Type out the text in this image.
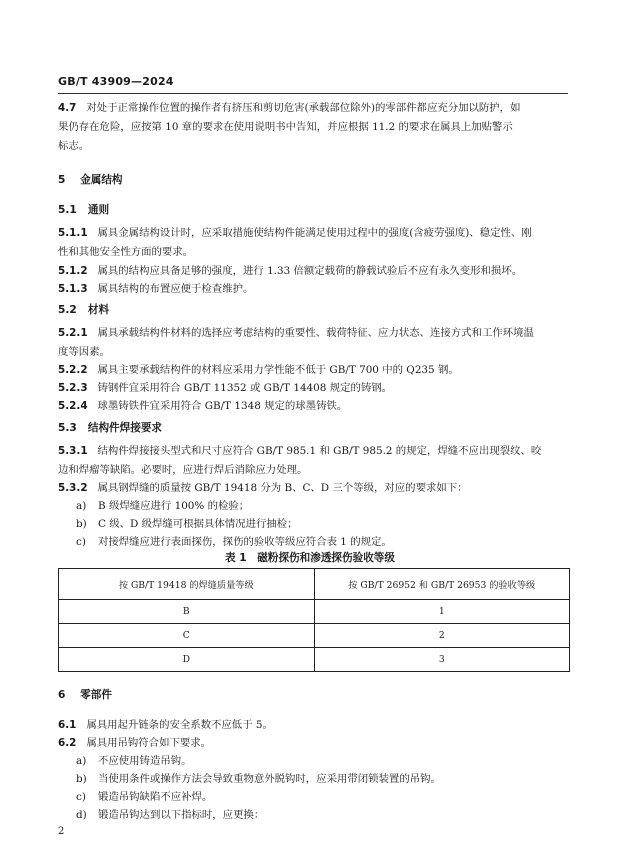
GB/T 43909—2024
4.7 对处于正常操作位置的操作者有挤压和剪切危害(承载部位除外)的零部件都应充分加以防护，如
果仍存在危险，应按第 10 章的要求在使用说明书中告知，并应根据 11.2 的要求在属具上加贴警示
标志。
5 金属结构
5.1 通则
5.1.1 属具金属结构设计时，应采取措施使结构件能满足使用过程中的强度(含疲劳强度)、稳定性、刚
性和其他安全性方面的要求。
5.1.2 属具的结构应具备足够的强度，进行 1.33 倍额定载荷的静载试验后不应有永久变形和损坏。
5.1.3 属具结构的布置应便于检查维护。
5.2 材料
5.2.1 属具承载结构件材料的选择应考虑结构的重要性、载荷特征、应力状态、连接方式和工作环境温
度等因素。
5.2.2 属具主要承载结构件的材料应采用力学性能不低于 GB/T 700 中的 Q235 钢。
5.2.3 铸钢件宜采用符合 GB/T 11352 或 GB/T 14408 规定的铸钢。
5.2.4 球墨铸铁件宜采用符合 GB/T 1348 规定的球墨铸铁。
5.3 结构件焊接要求
5.3.1 结构件焊接接头型式和尺寸应符合 GB/T 985.1 和 GB/T 985.2 的规定，焊缝不应出现裂纹、咬
边和焊瘤等缺陷。必要时，应进行焊后消除应力处理。
5.3.2 属具钢焊缝的质量按 GB/T 19418 分为 B、C、D 三个等级，对应的要求如下：
a) B 级焊缝应进行 100% 的检验；
b) C 级、D 级焊缝可根据具体情况进行抽检；
c) 对接焊缝应进行表面探伤，探伤的验收等级应符合表 1 的规定。
表 1　磁粉探伤和渗透探伤验收等级
按 GB/T 19418 的焊缝质量等级	按 GB/T 26952 和 GB/T 26953 的验收等级
B	1
C	2
D	3
6 零部件
6.1 属具用起升链条的安全系数不应低于 5。
6.2 属具用吊钩符合如下要求。
a) 不应使用铸造吊钩。
b) 当使用条件或操作方法会导致重物意外脱钩时，应采用带闭锁装置的吊钩。
c) 锻造吊钩缺陷不应补焊。
d) 锻造吊钩达到以下指标时，应更换：
2
